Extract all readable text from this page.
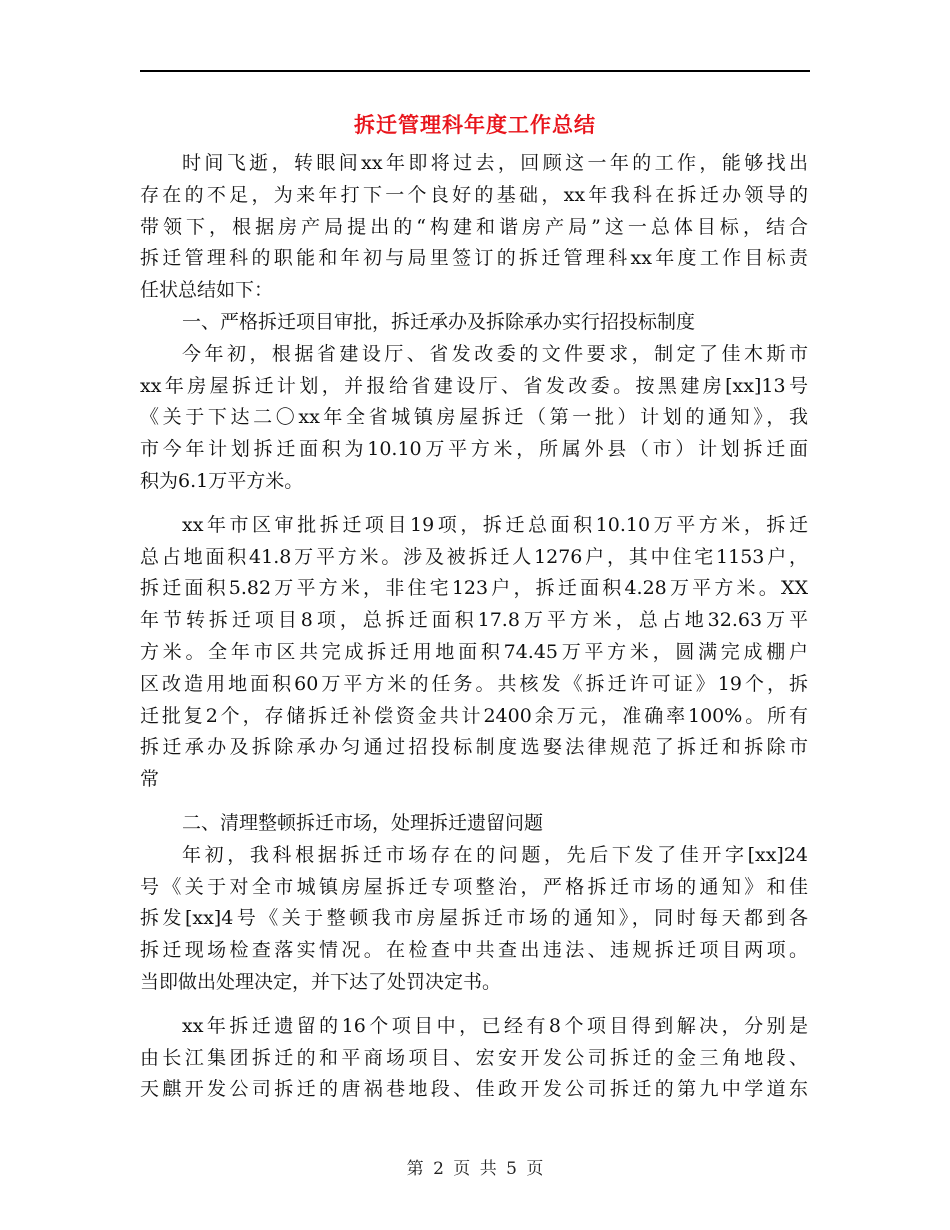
拆迁管理科年度工作总结
时间飞逝，转眼间xx年即将过去，回顾这一年的工作，能够找出
存在的不足，为来年打下一个良好的基础，xx年我科在拆迁办领导的
带领下，根据房产局提出的“构建和谐房产局”这一总体目标，结合
拆迁管理科的职能和年初与局里签订的拆迁管理科xx年度工作目标责
任状总结如下：
一、严格拆迁项目审批，拆迁承办及拆除承办实行招投标制度
今年初，根据省建设厅、省发改委的文件要求，制定了佳木斯市
xx年房屋拆迁计划，并报给省建设厅、省发改委。按黑建房[xx]13号
《关于下达二〇xx年全省城镇房屋拆迁（第一批）计划的通知》，我
市今年计划拆迁面积为10.10万平方米，所属外县（市）计划拆迁面
积为6.1万平方米。
xx年市区审批拆迁项目19项，拆迁总面积10.10万平方米，拆迁
总占地面积41.8万平方米。涉及被拆迁人1276户，其中住宅1153户，
拆迁面积5.82万平方米，非住宅123户，拆迁面积4.28万平方米。XX
年节转拆迁项目8项，总拆迁面积17.8万平方米，总占地32.63万平
方米。全年市区共完成拆迁用地面积74.45万平方米，圆满完成棚户
区改造用地面积60万平方米的任务。共核发《拆迁许可证》19个，拆
迁批复2个，存储拆迁补偿资金共计2400余万元，准确率100%。所有
拆迁承办及拆除承办匀通过招投标制度选娶法律规范了拆迁和拆除市
常
二、清理整顿拆迁市场，处理拆迁遗留问题
年初，我科根据拆迁市场存在的问题，先后下发了佳开字[xx]24
号《关于对全市城镇房屋拆迁专项整治，严格拆迁市场的通知》和佳
拆发[xx]4号《关于整顿我市房屋拆迁市场的通知》，同时每天都到各
拆迁现场检查落实情况。在检查中共查出违法、违规拆迁项目两项。
当即做出处理决定，并下达了处罚决定书。
xx年拆迁遗留的16个项目中，已经有8个项目得到解决，分别是
由长江集团拆迁的和平商场项目、宏安开发公司拆迁的金三角地段、
天麒开发公司拆迁的唐祸巷地段、佳政开发公司拆迁的第九中学道东
第 2 页 共 5 页
